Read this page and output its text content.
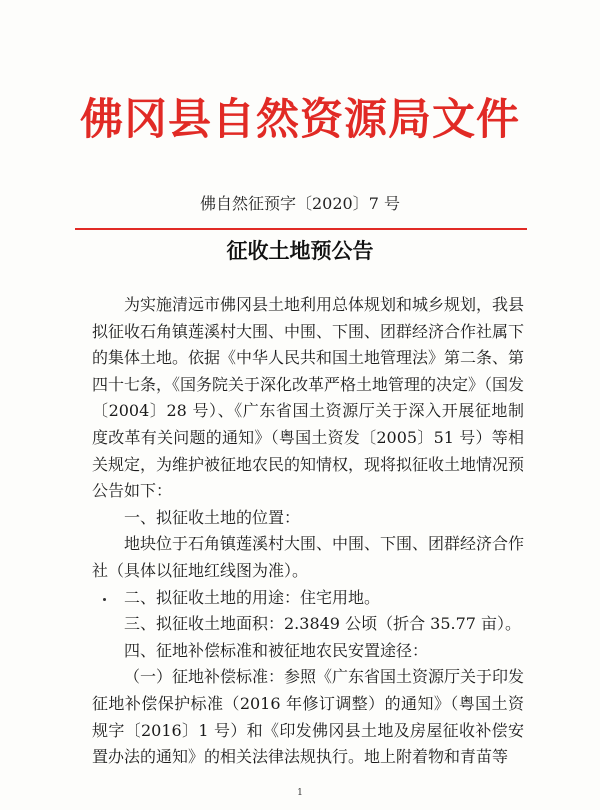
佛冈县自然资源局文件
佛自然征预字〔2020〕7 号
征收土地预公告

为实施清远市佛冈县土地利用总体规划和城乡规划，我县拟征收石角镇莲溪村大围、中围、下围、团群经济合作社属下的集体土地。依据《中华人民共和国土地管理法》第二条、第四十七条，《国务院关于深化改革严格土地管理的决定》（国发〔2004〕28 号）、《广东省国土资源厅关于深入开展征地制度改革有关问题的通知》（粤国土资发〔2005〕51 号）等相关规定，为维护被征地农民的知情权，现将拟征收土地情况预公告如下：

一、拟征收土地的位置：

地块位于石角镇莲溪村大围、中围、下围、团群经济合作社（具体以征地红线图为准）。

二、拟征收土地的用途：住宅用地。

三、拟征收土地面积：2.3849 公顷（折合 35.77 亩）。

四、征地补偿标准和被征地农民安置途径：

（一）征地补偿标准：参照《广东省国土资源厅关于印发征地补偿保护标准（2016 年修订调整）的通知》（粤国土资规字〔2016〕1 号）和《印发佛冈县土地及房屋征收补偿安置办法的通知》的相关法律法规执行。地上附着物和青苗等

1
